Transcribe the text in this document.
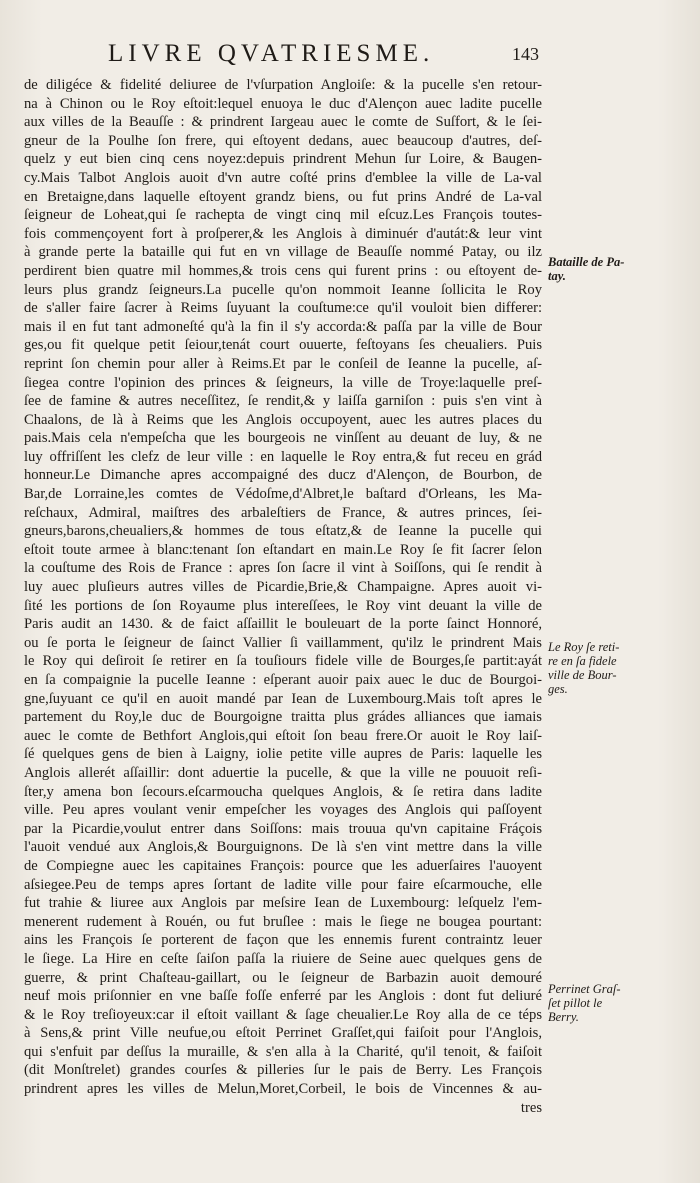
LIVRE QVATRIESME.	143
de diligéce & fidelité deliuree de l'vſurpation Angloiſe: & la pucelle s'en retour-
na à Chinon ou le Roy eſtoit:lequel enuoya le duc d'Alençon auec ladite pucelle
aux villes de la Beauſſe : & prindrent Iargeau auec le comte de Suſfort, & le ſei-
gneur de la Poulhe ſon frere, qui eſtoyent dedans, auec beaucoup d'autres, deſ-
quelz y eut bien cinq cens noyez:depuis prindrent Mehun ſur Loire, & Baugen-
cy.Mais Talbot Anglois auoit d'vn autre coſté prins d'emblee la ville de La-val
en Bretaigne,dans laquelle eſtoyent grandz biens, ou fut prins André de La-val
ſeigneur de Loheat,qui ſe rachepta de vingt cinq mil eſcuz.Les François toutes-
fois commençoyent fort à proſperer,& les Anglois à diminuér d'autát:& leur vint
à grande perte la bataille qui fut en vn village de Beauſſe nommé Patay, ou ilz
perdirent bien quatre mil hommes,& trois cens qui furent prins : ou eſtoyent de-
leurs plus grandz ſeigneurs.La pucelle qu'on nommoit Ieanne ſollicita le Roy
de s'aller faire ſacrer à Reims ſuyuant la couſtume:ce qu'il vouloit bien differer:
mais il en fut tant admoneſté qu'à la fin il s'y accorda:& paſſa par la ville de Bour
ges,ou fit quelque petit ſeiour,tenát court ouuerte, feſtoyans ſes cheualiers. Puis
reprint ſon chemin pour aller à Reims.Et par le conſeil de Ieanne la pucelle, aſ-
ſiegea contre l'opinion des princes & ſeigneurs, la ville de Troye:laquelle preſ-
ſee de famine & autres neceſſitez, ſe rendit,& y laiſſa garniſon : puis s'en vint à
Chaalons, de là à Reims que les Anglois occupoyent, auec les autres places du
pais.Mais cela n'empeſcha que les bourgeois ne vinſſent au deuant de luy, & ne
luy offriſſent les clefz de leur ville : en laquelle le Roy entra,& fut receu en grád
honneur.Le Dimanche apres accompaigné des ducz d'Alençon, de Bourbon, de
Bar,de Lorraine,les comtes de Védoſme,d'Albret,le baſtard d'Orleans, les Ma-
reſchaux, Admiral, maiſtres des arbaleſtiers de France, & autres princes, ſei-
gneurs,barons,cheualiers,& hommes de tous eſtatz,& de Ieanne la pucelle qui
eſtoit toute armee à blanc:tenant ſon eſtandart en main.Le Roy ſe fit ſacrer ſelon
la couſtume des Rois de France : apres ſon ſacre il vint à Soiſſons, qui ſe rendit à
luy auec pluſieurs autres villes de Picardie,Brie,& Champaigne. Apres auoit vi-
ſité les portions de ſon Royaume plus intereſſees, le Roy vint deuant la ville de
Paris audit an 1430. & de faict aſſaillit le bouleuart de la porte ſainct Honnoré,
ou ſe porta le ſeigneur de ſainct Vallier ſi vaillamment, qu'ilz le prindrent Mais
le Roy qui deſiroit ſe retirer en ſa touſiours fidele ville de Bourges,ſe partit:ayát
en ſa compaignie la pucelle Ieanne : eſperant auoir paix auec le duc de Bourgoi-
gne,ſuyuant ce qu'il en auoit mandé par Iean de Luxembourg.Mais toſt apres le
partement du Roy,le duc de Bourgoigne traitta plus grádes alliances que iamais
auec le comte de Bethfort Anglois,qui eſtoit ſon beau frere.Or auoit le Roy laiſ-
ſé quelques gens de bien à Laigny, iolie petite ville aupres de Paris: laquelle les
Anglois allerét aſſaillir: dont aduertie la pucelle, & que la ville ne pouuoit reſi-
ſter,y amena bon ſecours.eſcarmoucha quelques Anglois, & ſe retira dans ladite
ville. Peu apres voulant venir empeſcher les voyages des Anglois qui paſſoyent
par la Picardie,voulut entrer dans Soiſſons: mais trouua qu'vn capitaine Fráçois
l'auoit vendué aux Anglois,& Bourguignons. De là s'en vint mettre dans la ville
de Compiegne auec les capitaines François: pource que les aduerſaires l'auoyent
aſsiegee.Peu de temps apres ſortant de ladite ville pour faire eſcarmouche, elle
fut trahie & liuree aux Anglois par meſsire Iean de Luxembourg: leſquelz l'em-
menerent rudement à Rouén, ou fut bruſlee : mais le ſiege ne bougea pourtant:
ains les François ſe porterent de façon que les ennemis furent contraintz leuer
le ſiege. La Hire en ceſte ſaiſon paſſa la riuiere de Seine auec quelques gens de
guerre, & print Chaſteau-gaillart, ou le ſeigneur de Barbazin auoit demouré
neuf mois priſonnier en vne baſſe foſſe enferré par les Anglois : dont fut deliuré
& le Roy treſioyeux:car il eſtoit vaillant & ſage cheualier.Le Roy alla de ce téps
à Sens,& print Ville neufue,ou eſtoit Perrinet Graſſet,qui faiſoit pour l'Anglois,
qui s'enfuit par deſſus la muraille, & s'en alla à la Charité, qu'il tenoit, & faiſoit
(dit Monſtrelet) grandes courſes & pilleries ſur le pais de Berry. Les François
prindrent apres les villes de Melun,Moret,Corbeil, le bois de Vincennes & au-
tres
Bataille de Pa-
tay.
Le Roy ſe reti-
re en ſa fidele
ville de Bour-
ges.
Perrinet Graſ-
ſet pillot le
Berry.
